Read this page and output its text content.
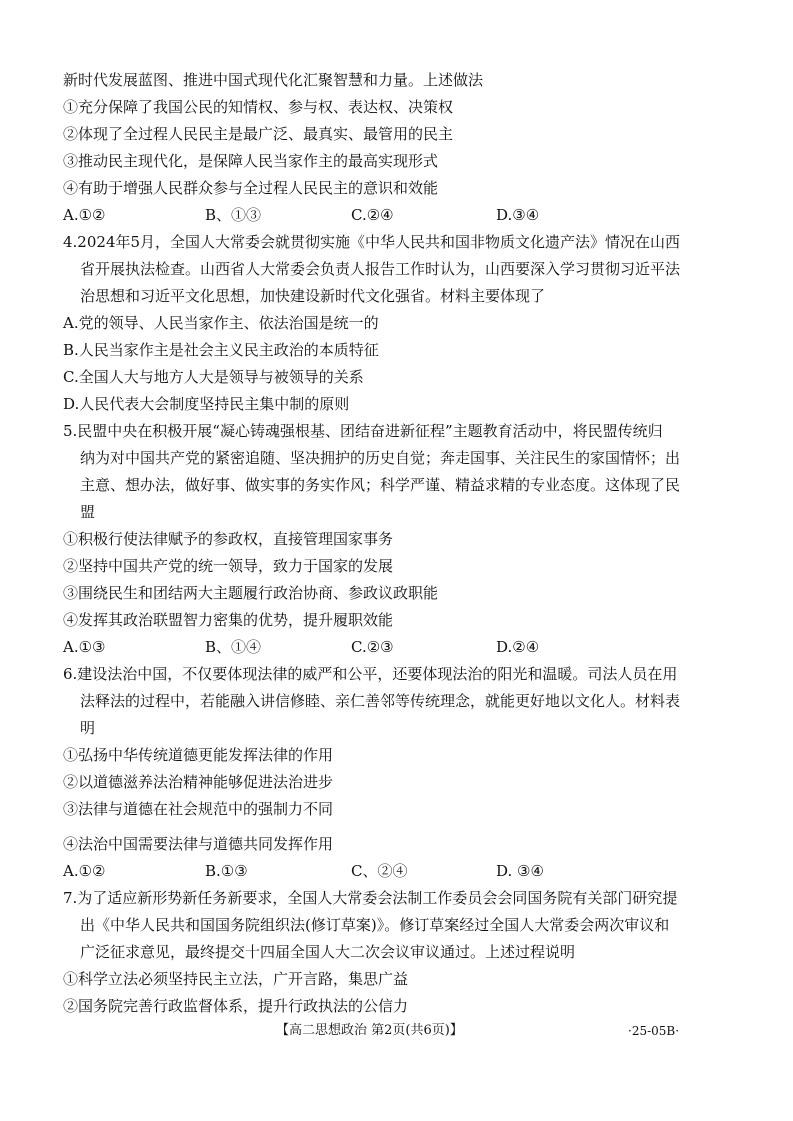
新时代发展蓝图、推进中国式现代化汇聚智慧和力量。上述做法
①充分保障了我国公民的知情权、参与权、表达权、决策权
②体现了全过程人民民主是最广泛、最真实、最管用的民主
③推动民主现代化，是保障人民当家作主的最高实现形式
④有助于增强人民群众参与全过程人民民主的意识和效能
A.①②	B、①③	C.②④	D.③④
4.2024年5月，全国人大常委会就贯彻实施《中华人民共和国非物质文化遗产法》情况在山西
省开展执法检查。山西省人大常委会负责人报告工作时认为，山西要深入学习贯彻习近平法
治思想和习近平文化思想，加快建设新时代文化强省。材料主要体现了
A.党的领导、人民当家作主、依法治国是统一的
B.人民当家作主是社会主义民主政治的本质特征
C.全国人大与地方人大是领导与被领导的关系
D.人民代表大会制度坚持民主集中制的原则
5.民盟中央在积极开展“凝心铸魂强根基、团结奋进新征程”主题教育活动中，将民盟传统归
纳为对中国共产党的紧密追随、坚决拥护的历史自觉；奔走国事、关注民生的家国情怀；出
主意、想办法，做好事、做实事的务实作风；科学严谨、精益求精的专业态度。这体现了民
盟
①积极行使法律赋予的参政权，直接管理国家事务
②坚持中国共产党的统一领导，致力于国家的发展
③围绕民生和团结两大主题履行政治协商、参政议政职能
④发挥其政治联盟智力密集的优势，提升履职效能
A.①③	B、①④	C.②③	D.②④
6.建设法治中国，不仅要体现法律的威严和公平，还要体现法治的阳光和温暖。司法人员在用
法释法的过程中，若能融入讲信修睦、亲仁善邻等传统理念，就能更好地以文化人。材料表
明
①弘扬中华传统道德更能发挥法律的作用
②以道德滋养法治精神能够促进法治进步
③法律与道德在社会规范中的强制力不同
④法治中国需要法律与道德共同发挥作用
A.①②	B.①③	C、②④	D. ③④
7.为了适应新形势新任务新要求，全国人大常委会法制工作委员会会同国务院有关部门研究提
出《中华人民共和国国务院组织法(修订草案)》。修订草案经过全国人大常委会两次审议和
广泛征求意见，最终提交十四届全国人大二次会议审议通过。上述过程说明
①科学立法必须坚持民主立法，广开言路，集思广益
②国务院完善行政监督体系，提升行政执法的公信力
【高二思想政治 第2页(共6页)】	·25-05B·
